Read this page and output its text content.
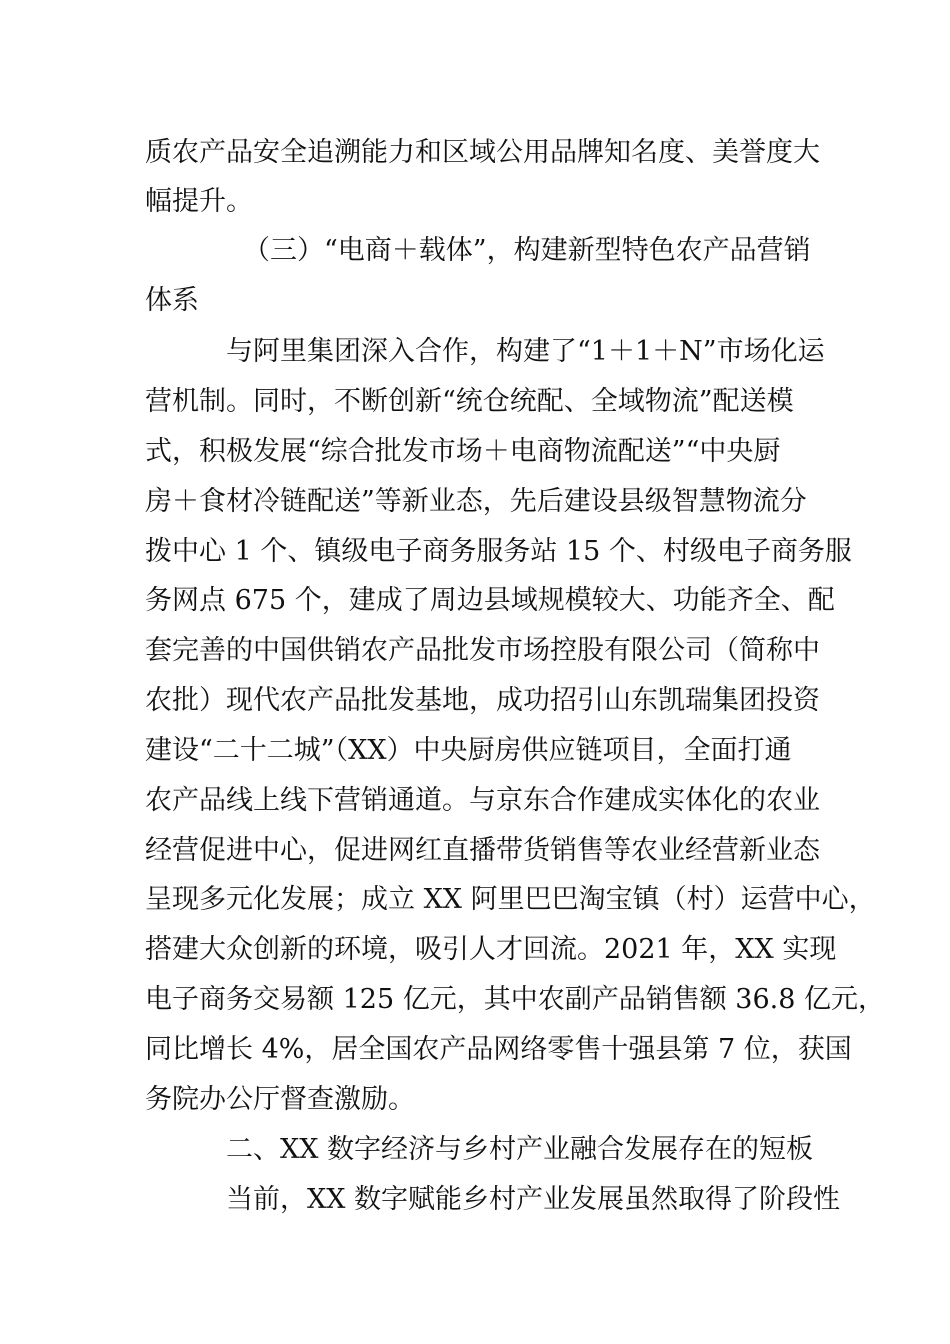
质农产品安全追溯能力和区域公用品牌知名度、美誉度大
幅提升。
（三）“电商＋载体”，构建新型特色农产品营销
体系
与阿里集团深入合作，构建了“1＋1＋N”市场化运
营机制。同时，不断创新“统仓统配、全域物流”配送模
式，积极发展“综合批发市场＋电商物流配送”“中央厨
房＋食材冷链配送”等新业态，先后建设县级智慧物流分
拨中心 1 个、镇级电子商务服务站 15 个、村级电子商务服
务网点 675 个，建成了周边县域规模较大、功能齐全、配
套完善的中国供销农产品批发市场控股有限公司（简称中
农批）现代农产品批发基地，成功招引山东凯瑞集团投资
建设“二十二城”（XX）中央厨房供应链项目，全面打通
农产品线上线下营销通道。与京东合作建成实体化的农业
经营促进中心，促进网红直播带货销售等农业经营新业态
呈现多元化发展；成立 XX 阿里巴巴淘宝镇（村）运营中心，
搭建大众创新的环境，吸引人才回流。2021 年，XX 实现
电子商务交易额 125 亿元，其中农副产品销售额 36.8 亿元，
同比增长 4%，居全国农产品网络零售十强县第 7 位，获国
务院办公厅督查激励。
二、XX 数字经济与乡村产业融合发展存在的短板
当前，XX 数字赋能乡村产业发展虽然取得了阶段性
